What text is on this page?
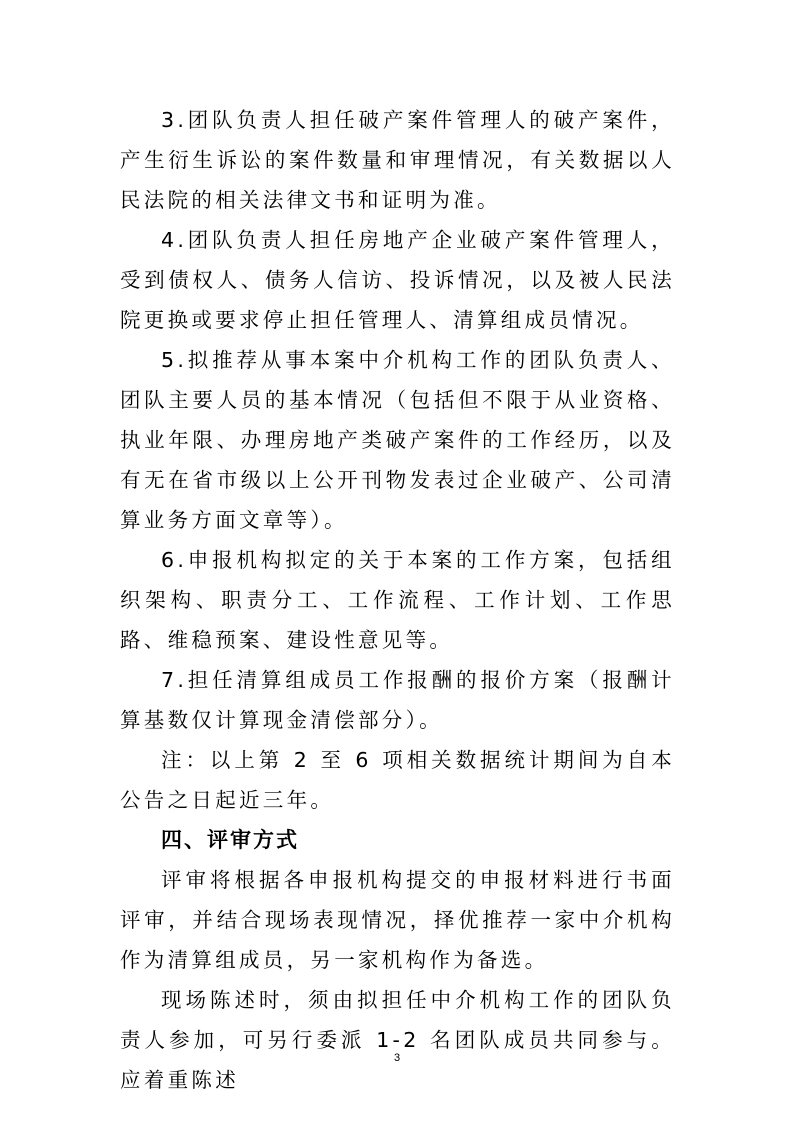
3.团队负责人担任破产案件管理人的破产案件，产生衍生诉讼的案件数量和审理情况，有关数据以人民法院的相关法律文书和证明为准。

4.团队负责人担任房地产企业破产案件管理人，受到债权人、债务人信访、投诉情况，以及被人民法院更换或要求停止担任管理人、清算组成员情况。

5.拟推荐从事本案中介机构工作的团队负责人、团队主要人员的基本情况（包括但不限于从业资格、执业年限、办理房地产类破产案件的工作经历，以及有无在省市级以上公开刊物发表过企业破产、公司清算业务方面文章等）。

6.申报机构拟定的关于本案的工作方案，包括组织架构、职责分工、工作流程、工作计划、工作思路、维稳预案、建设性意见等。

7.担任清算组成员工作报酬的报价方案（报酬计算基数仅计算现金清偿部分）。

注：以上第 2 至 6 项相关数据统计期间为自本公告之日起近三年。

四、评审方式

评审将根据各申报机构提交的申报材料进行书面评审，并结合现场表现情况，择优推荐一家中介机构作为清算组成员，另一家机构作为备选。

现场陈述时，须由拟担任中介机构工作的团队负责人参加，可另行委派 1-2 名团队成员共同参与。应着重陈述

3
